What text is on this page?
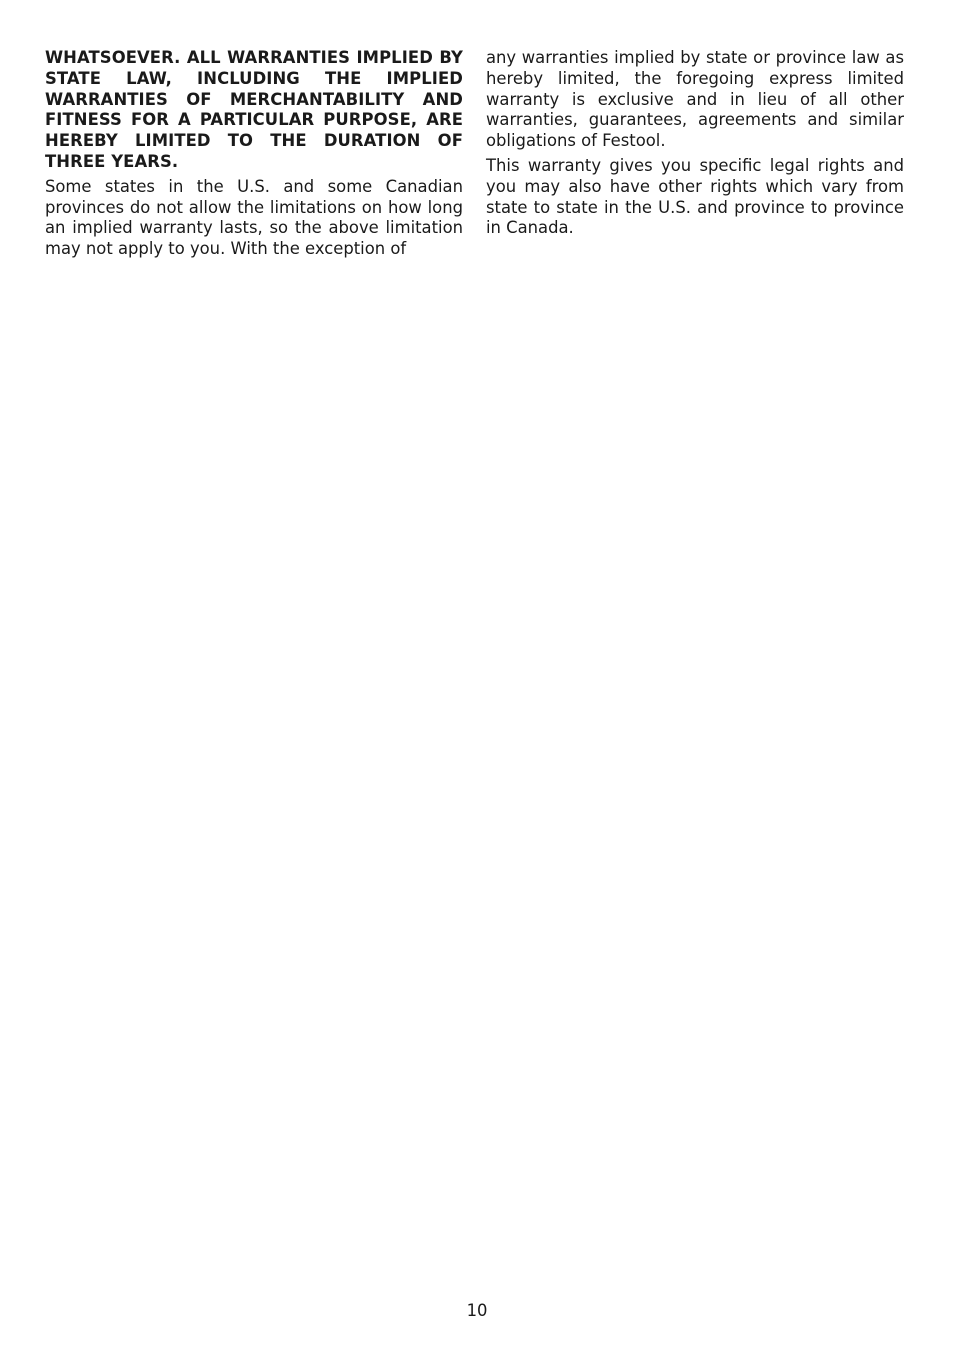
WHATSOEVER. ALL WARRANTIES IMPLIED BY STATE LAW, INCLUDING THE IMPLIED WARRANTIES OF MERCHANTABILITY AND FITNESS FOR A PARTICULAR PURPOSE, ARE HEREBY LIMITED TO THE DURATION OF THREE YEARS.

Some states in the U.S. and some Canadian provinces do not allow the limitations on how long an implied warranty lasts, so the above limitation may not apply to you. With the exception of

any warranties implied by state or province law as hereby limited, the foregoing express limited warranty is exclusive and in lieu of all other warranties, guarantees, agreements and similar obligations of Festool.

This warranty gives you specific legal rights and you may also have other rights which vary from state to state in the U.S. and province to province in Canada.

10
